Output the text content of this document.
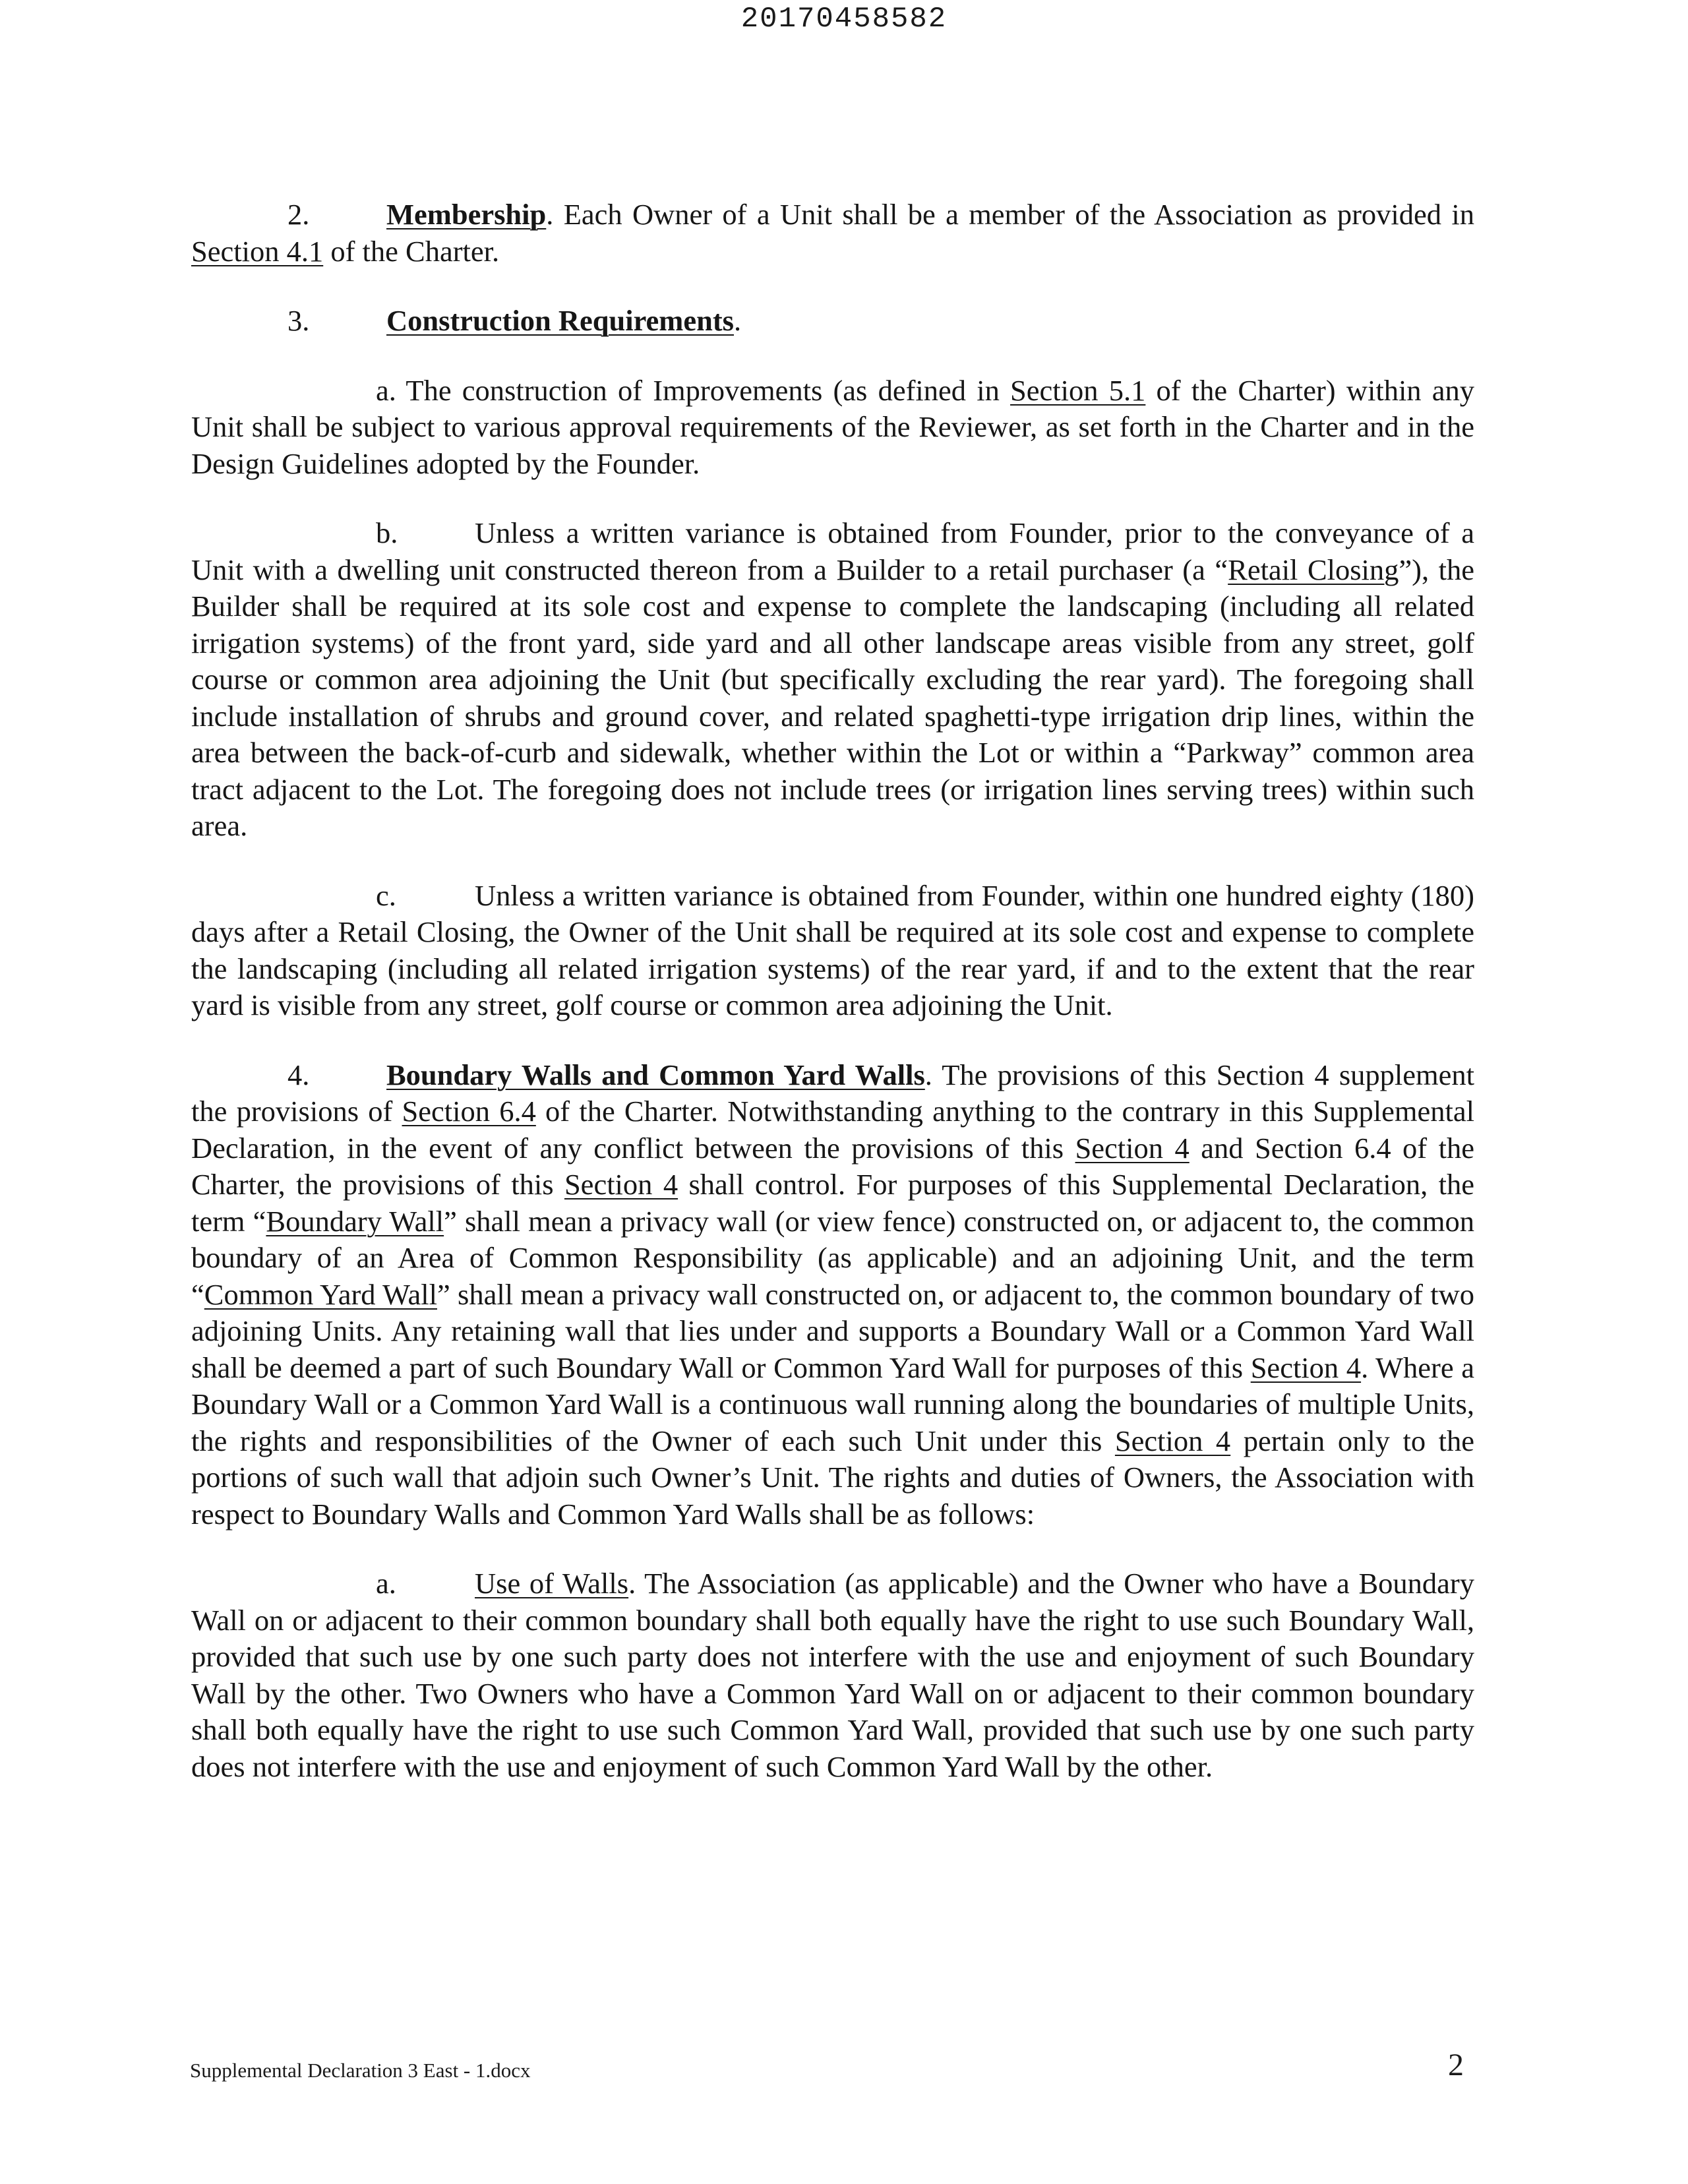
20170458582

2.	Membership. Each Owner of a Unit shall be a member of the Association as provided in Section 4.1 of the Charter.

3.	Construction Requirements.

a. The construction of Improvements (as defined in Section 5.1 of the Charter) within any Unit shall be subject to various approval requirements of the Reviewer, as set forth in the Charter and in the Design Guidelines adopted by the Founder.

b.	Unless a written variance is obtained from Founder, prior to the conveyance of a Unit with a dwelling unit constructed thereon from a Builder to a retail purchaser (a “Retail Closing”), the Builder shall be required at its sole cost and expense to complete the landscaping (including all related irrigation systems) of the front yard, side yard and all other landscape areas visible from any street, golf course or common area adjoining the Unit (but specifically excluding the rear yard). The foregoing shall include installation of shrubs and ground cover, and related spaghetti-type irrigation drip lines, within the area between the back-of-curb and sidewalk, whether within the Lot or within a “Parkway” common area tract adjacent to the Lot. The foregoing does not include trees (or irrigation lines serving trees) within such area.

c.	Unless a written variance is obtained from Founder, within one hundred eighty (180) days after a Retail Closing, the Owner of the Unit shall be required at its sole cost and expense to complete the landscaping (including all related irrigation systems) of the rear yard, if and to the extent that the rear yard is visible from any street, golf course or common area adjoining the Unit.

4.	Boundary Walls and Common Yard Walls. The provisions of this Section 4 supplement the provisions of Section 6.4 of the Charter. Notwithstanding anything to the contrary in this Supplemental Declaration, in the event of any conflict between the provisions of this Section 4 and Section 6.4 of the Charter, the provisions of this Section 4 shall control. For purposes of this Supplemental Declaration, the term “Boundary Wall” shall mean a privacy wall (or view fence) constructed on, or adjacent to, the common boundary of an Area of Common Responsibility (as applicable) and an adjoining Unit, and the term “Common Yard Wall” shall mean a privacy wall constructed on, or adjacent to, the common boundary of two adjoining Units. Any retaining wall that lies under and supports a Boundary Wall or a Common Yard Wall shall be deemed a part of such Boundary Wall or Common Yard Wall for purposes of this Section 4. Where a Boundary Wall or a Common Yard Wall is a continuous wall running along the boundaries of multiple Units, the rights and responsibilities of the Owner of each such Unit under this Section 4 pertain only to the portions of such wall that adjoin such Owner’s Unit. The rights and duties of Owners, the Association with respect to Boundary Walls and Common Yard Walls shall be as follows:

a.	Use of Walls. The Association (as applicable) and the Owner who have a Boundary Wall on or adjacent to their common boundary shall both equally have the right to use such Boundary Wall, provided that such use by one such party does not interfere with the use and enjoyment of such Boundary Wall by the other. Two Owners who have a Common Yard Wall on or adjacent to their common boundary shall both equally have the right to use such Common Yard Wall, provided that such use by one such party does not interfere with the use and enjoyment of such Common Yard Wall by the other.

Supplemental Declaration 3 East - 1.docx	2
